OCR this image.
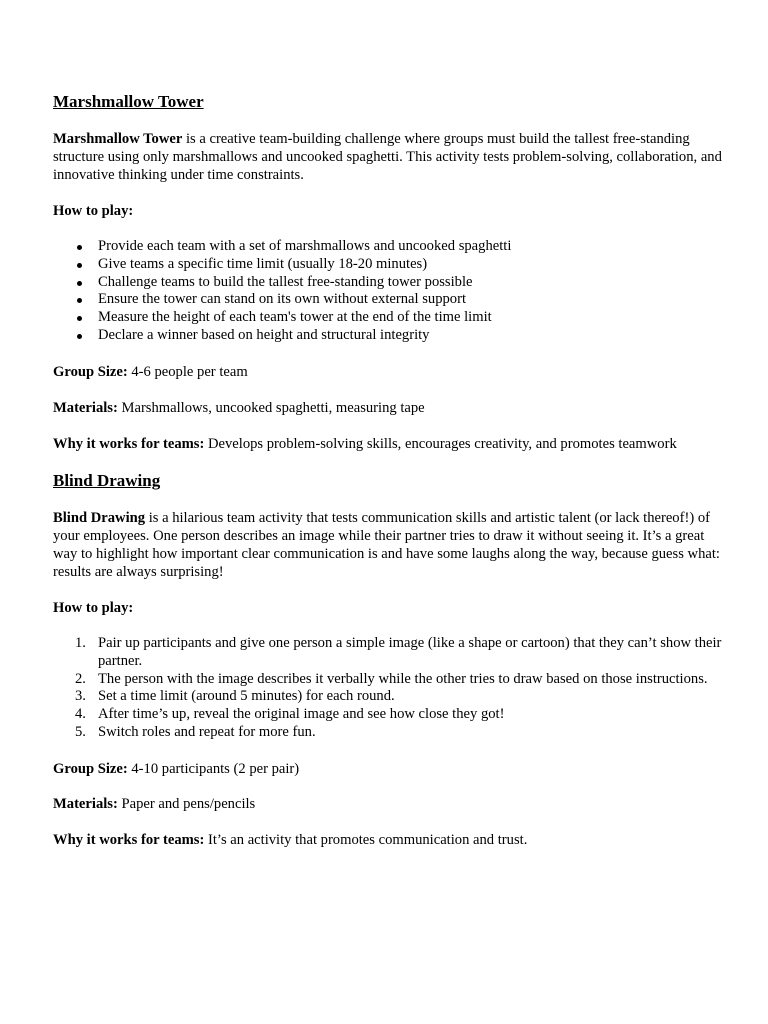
Marshmallow Tower

Marshmallow Tower is a creative team-building challenge where groups must build the tallest free-standing structure using only marshmallows and uncooked spaghetti. This activity tests problem-solving, collaboration, and innovative thinking under time constraints.

How to play:

Provide each team with a set of marshmallows and uncooked spaghetti
Give teams a specific time limit (usually 18-20 minutes)
Challenge teams to build the tallest free-standing tower possible
Ensure the tower can stand on its own without external support
Measure the height of each team's tower at the end of the time limit
Declare a winner based on height and structural integrity

Group Size: 4-6 people per team

Materials: Marshmallows, uncooked spaghetti, measuring tape

Why it works for teams: Develops problem-solving skills, encourages creativity, and promotes teamwork

Blind Drawing

Blind Drawing is a hilarious team activity that tests communication skills and artistic talent (or lack thereof!) of your employees. One person describes an image while their partner tries to draw it without seeing it. It’s a great way to highlight how important clear communication is and have some laughs along the way, because guess what: results are always surprising!

How to play:

1. Pair up participants and give one person a simple image (like a shape or cartoon) that they can’t show their partner.
2. The person with the image describes it verbally while the other tries to draw based on those instructions.
3. Set a time limit (around 5 minutes) for each round.
4. After time’s up, reveal the original image and see how close they got!
5. Switch roles and repeat for more fun.

Group Size: 4-10 participants (2 per pair)

Materials: Paper and pens/pencils

Why it works for teams: It’s an activity that promotes communication and trust.
